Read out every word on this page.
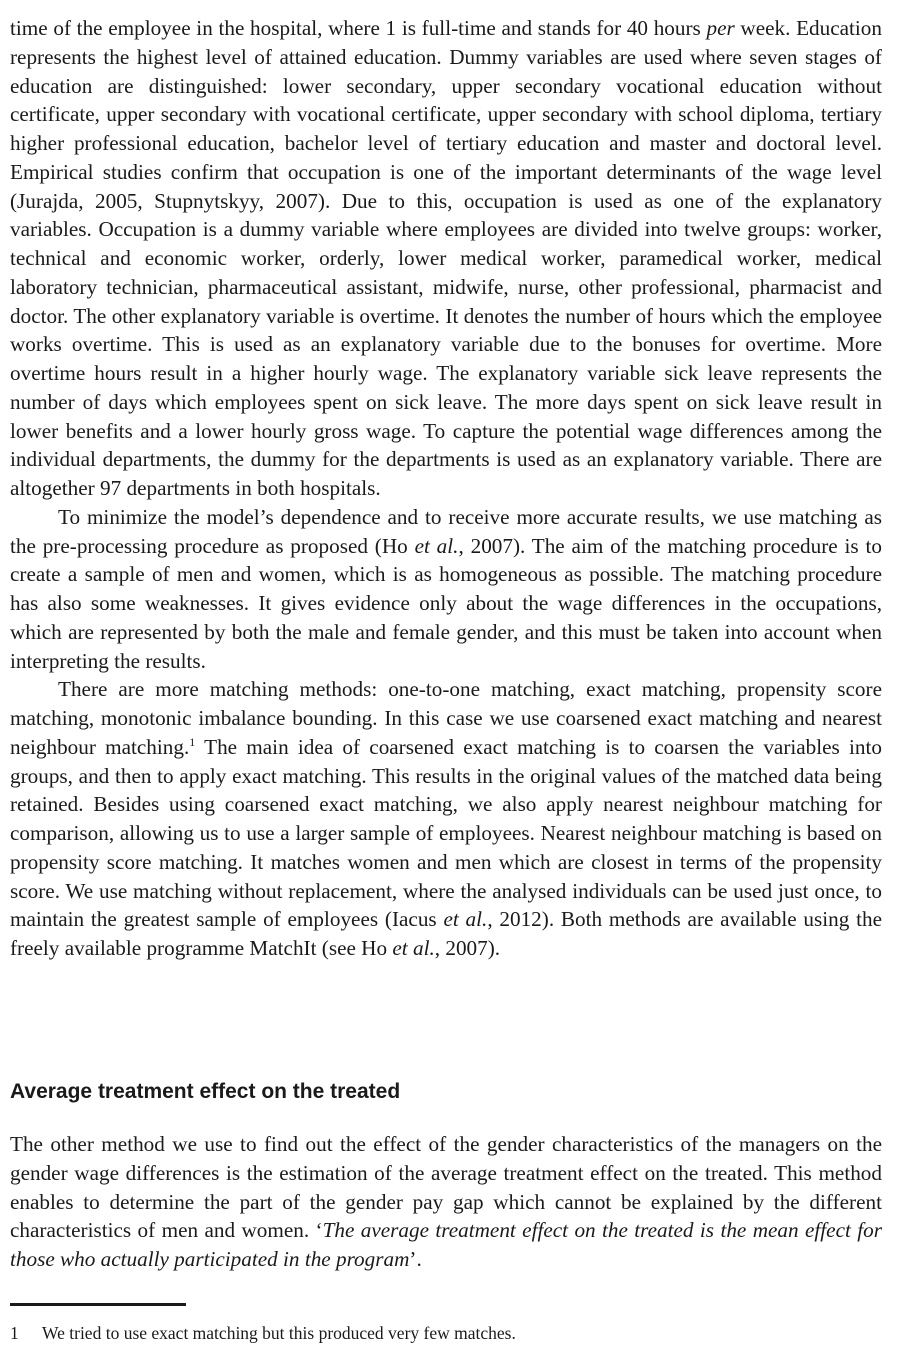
time of the employee in the hospital, where 1 is full-time and stands for 40 hours per week. Education represents the highest level of attained education. Dummy variables are used where seven stages of education are distinguished: lower secondary, upper secondary vocational education without certificate, upper secondary with vocational certificate, upper secondary with school diploma, tertiary higher professional education, bachelor level of tertiary education and master and doctoral level. Empirical studies confirm that occupation is one of the important determinants of the wage level (Jurajda, 2005, Stupnytskyy, 2007). Due to this, occupation is used as one of the explanatory variables. Occupation is a dummy variable where employees are divided into twelve groups: worker, technical and economic worker, orderly, lower medical worker, paramedical worker, medical laboratory technician, pharmaceutical assistant, midwife, nurse, other professional, pharmacist and doctor. The other explanatory variable is overtime. It denotes the number of hours which the employee works overtime. This is used as an explanatory variable due to the bonuses for overtime. More overtime hours result in a higher hourly wage. The explanatory variable sick leave represents the number of days which employees spent on sick leave. The more days spent on sick leave result in lower benefits and a lower hourly gross wage. To capture the potential wage differences among the individual departments, the dummy for the departments is used as an explanatory variable. There are altogether 97 departments in both hospitals.

To minimize the model’s dependence and to receive more accurate results, we use matching as the pre-processing procedure as proposed (Ho et al., 2007). The aim of the matching procedure is to create a sample of men and women, which is as homogeneous as possible. The matching procedure has also some weaknesses. It gives evidence only about the wage differences in the occupations, which are represented by both the male and female gender, and this must be taken into account when interpreting the results.

There are more matching methods: one-to-one matching, exact matching, propensity score matching, monotonic imbalance bounding. In this case we use coarsened exact matching and nearest neighbour matching.$^1$ The main idea of coarsened exact matching is to coarsen the variables into groups, and then to apply exact matching. This results in the original values of the matched data being retained. Besides using coarsened exact matching, we also apply nearest neighbour matching for comparison, allowing us to use a larger sample of employees. Nearest neighbour matching is based on propensity score matching. It matches women and men which are closest in terms of the propensity score. We use matching without replacement, where the analysed individuals can be used just once, to maintain the greatest sample of employees (Iacus et al., 2012). Both methods are available using the freely available programme MatchIt (see Ho et al., 2007).

Average treatment effect on the treated

The other method we use to find out the effect of the gender characteristics of the managers on the gender wage differences is the estimation of the average treatment effect on the treated. This method enables to determine the part of the gender pay gap which cannot be explained by the different characteristics of men and women. ‘The average treatment effect on the treated is the mean effect for those who actually participated in the program’.

1 We tried to use exact matching but this produced very few matches.
